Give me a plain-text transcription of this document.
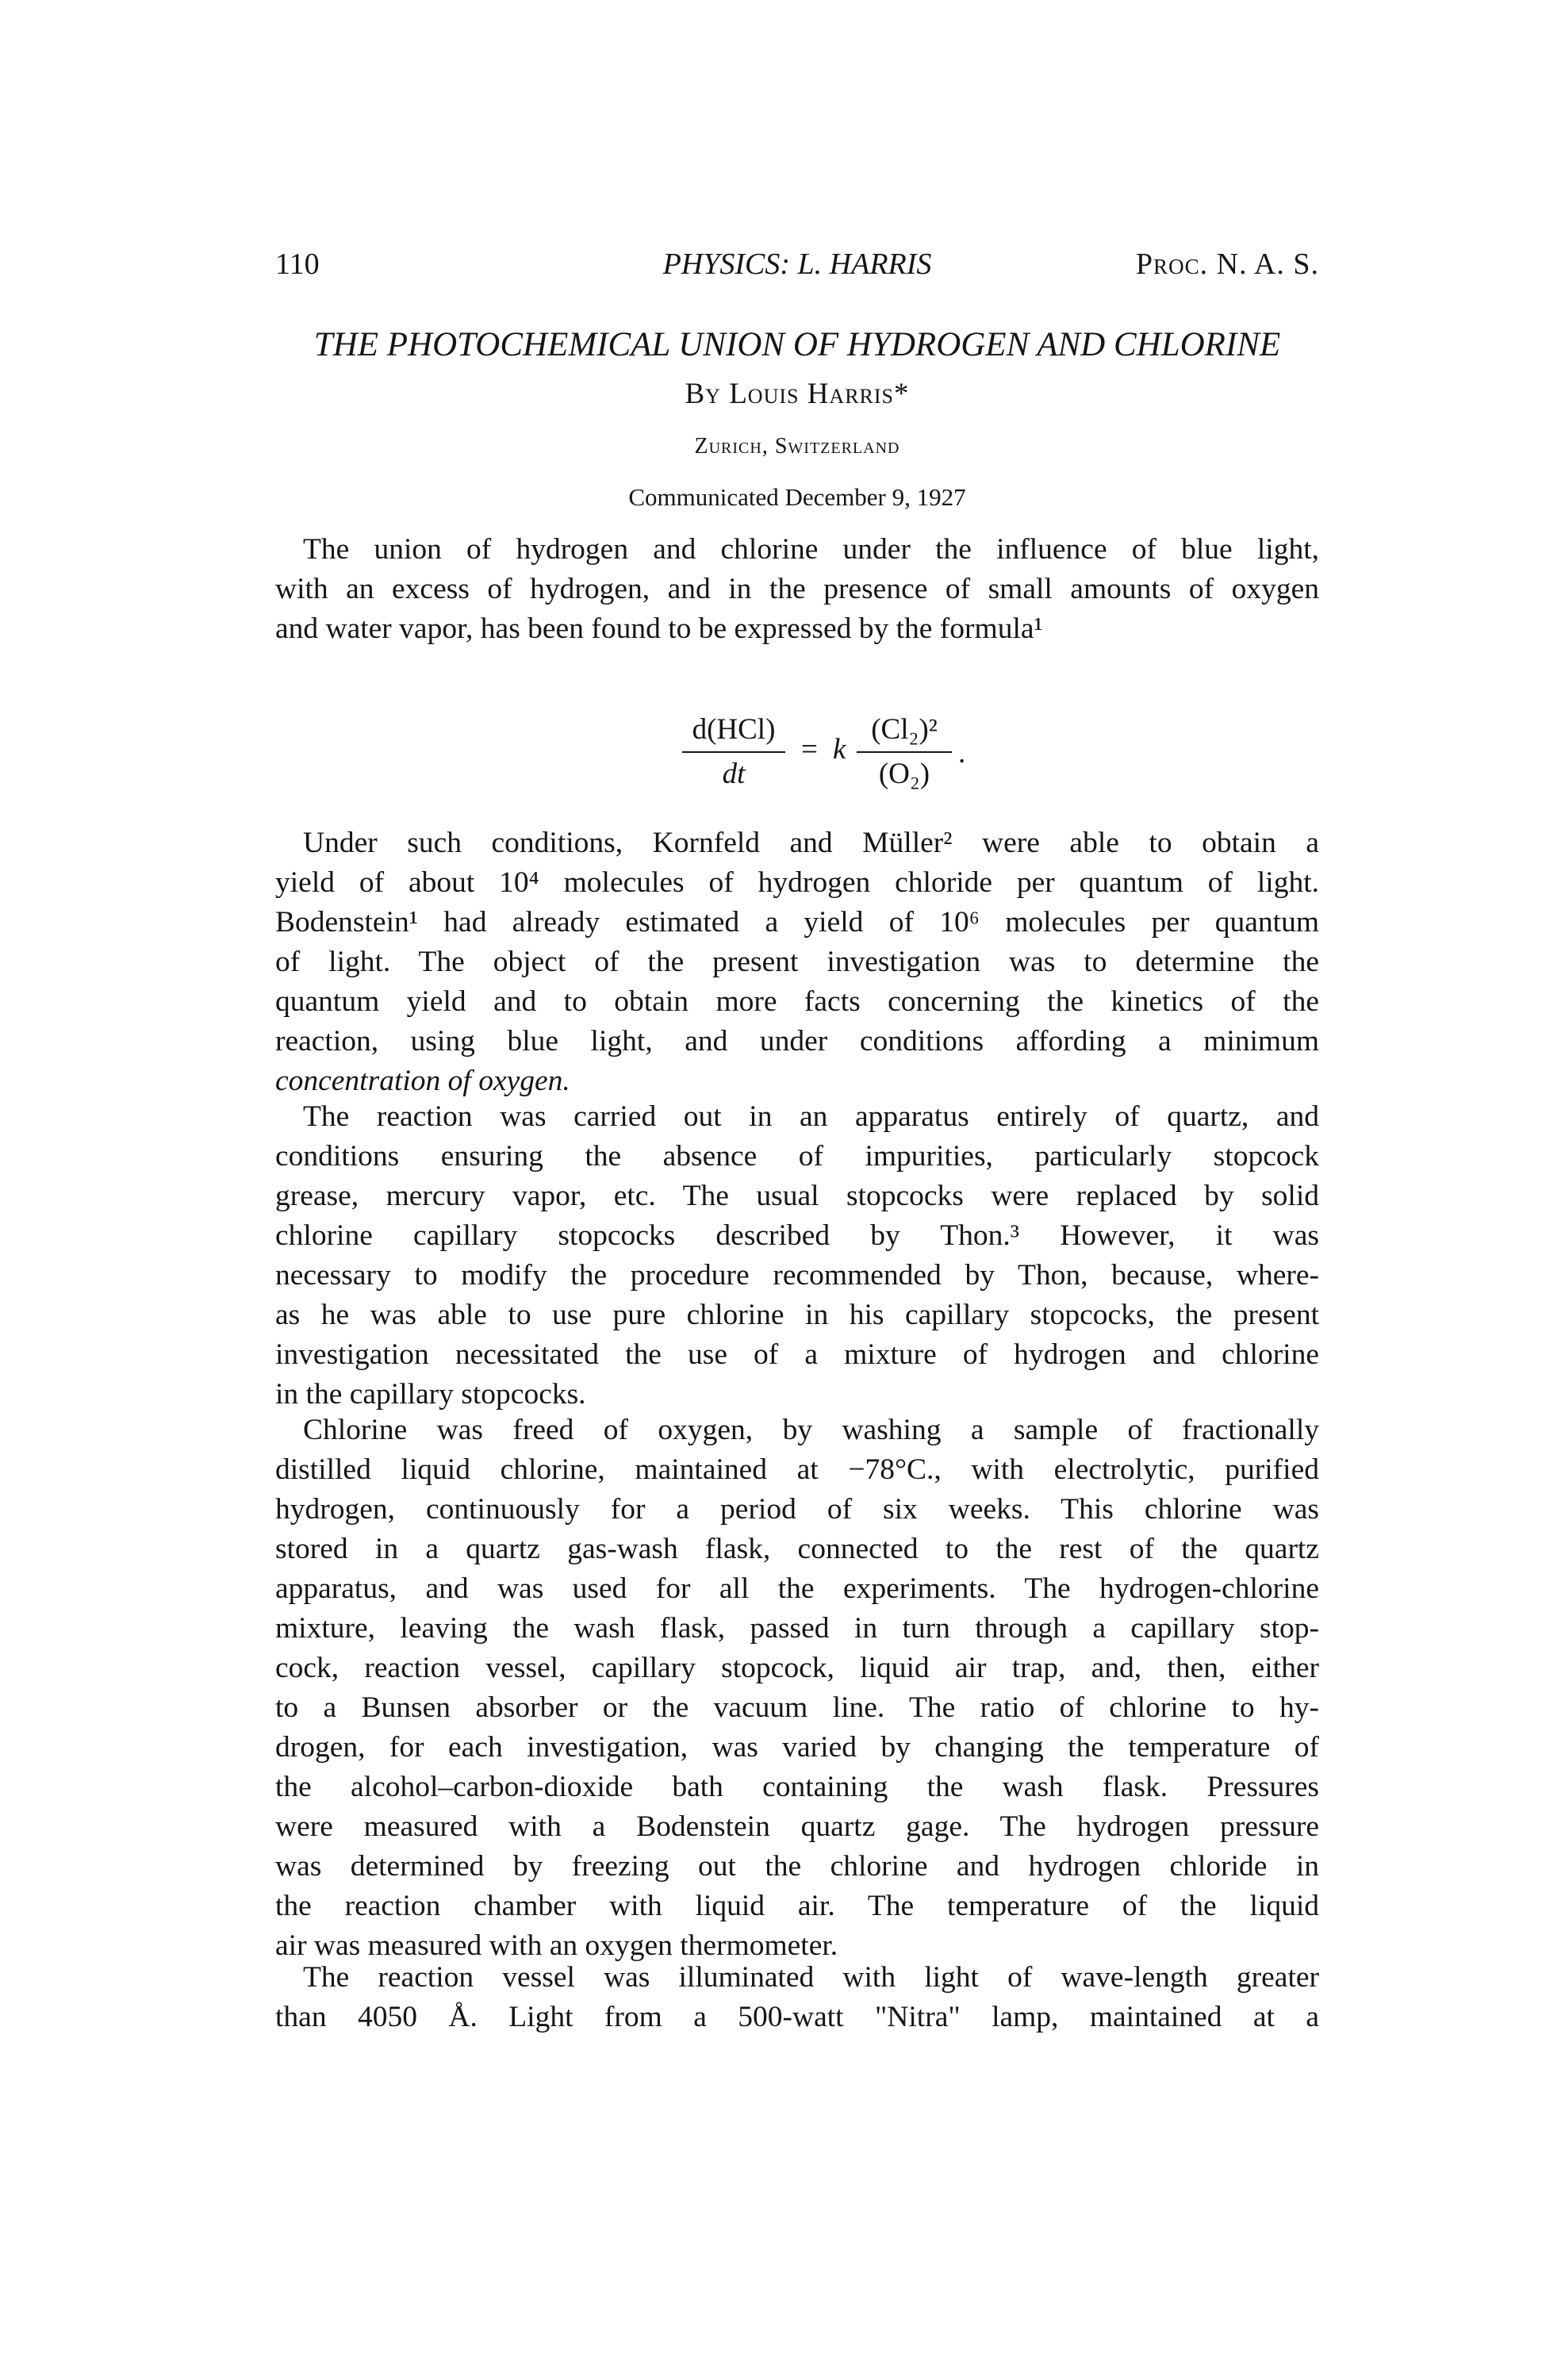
110	PHYSICS: L. HARRIS	Proc. N. A. S.
THE PHOTOCHEMICAL UNION OF HYDROGEN AND CHLORINE
By Louis Harris*
Zurich, Switzerland
Communicated December 9, 1927
The union of hydrogen and chlorine under the influence of blue light,
with an excess of hydrogen, and in the presence of small amounts of oxygen
and water vapor, has been found to be expressed by the formula¹
d(HCl)
dt
= k
(Cl₂)²
(O₂)
.
Under such conditions, Kornfeld and Müller² were able to obtain a
yield of about 10⁴ molecules of hydrogen chloride per quantum of light.
Bodenstein¹ had already estimated a yield of 10⁶ molecules per quantum
of light. The object of the present investigation was to determine the
quantum yield and to obtain more facts concerning the kinetics of the
reaction, using blue light, and under conditions affording a minimum
concentration of oxygen.
The reaction was carried out in an apparatus entirely of quartz, and
conditions ensuring the absence of impurities, particularly stopcock
grease, mercury vapor, etc. The usual stopcocks were replaced by solid
chlorine capillary stopcocks described by Thon.³ However, it was
necessary to modify the procedure recommended by Thon, because, where-
as he was able to use pure chlorine in his capillary stopcocks, the present
investigation necessitated the use of a mixture of hydrogen and chlorine
in the capillary stopcocks.
Chlorine was freed of oxygen, by washing a sample of fractionally
distilled liquid chlorine, maintained at −78°C., with electrolytic, purified
hydrogen, continuously for a period of six weeks. This chlorine was
stored in a quartz gas-wash flask, connected to the rest of the quartz
apparatus, and was used for all the experiments. The hydrogen-chlorine
mixture, leaving the wash flask, passed in turn through a capillary stop-
cock, reaction vessel, capillary stopcock, liquid air trap, and, then, either
to a Bunsen absorber or the vacuum line. The ratio of chlorine to hy-
drogen, for each investigation, was varied by changing the temperature of
the alcohol–carbon-dioxide bath containing the wash flask. Pressures
were measured with a Bodenstein quartz gage. The hydrogen pressure
was determined by freezing out the chlorine and hydrogen chloride in
the reaction chamber with liquid air. The temperature of the liquid
air was measured with an oxygen thermometer.
The reaction vessel was illuminated with light of wave-length greater
than 4050 Å. Light from a 500-watt "Nitra" lamp, maintained at a
